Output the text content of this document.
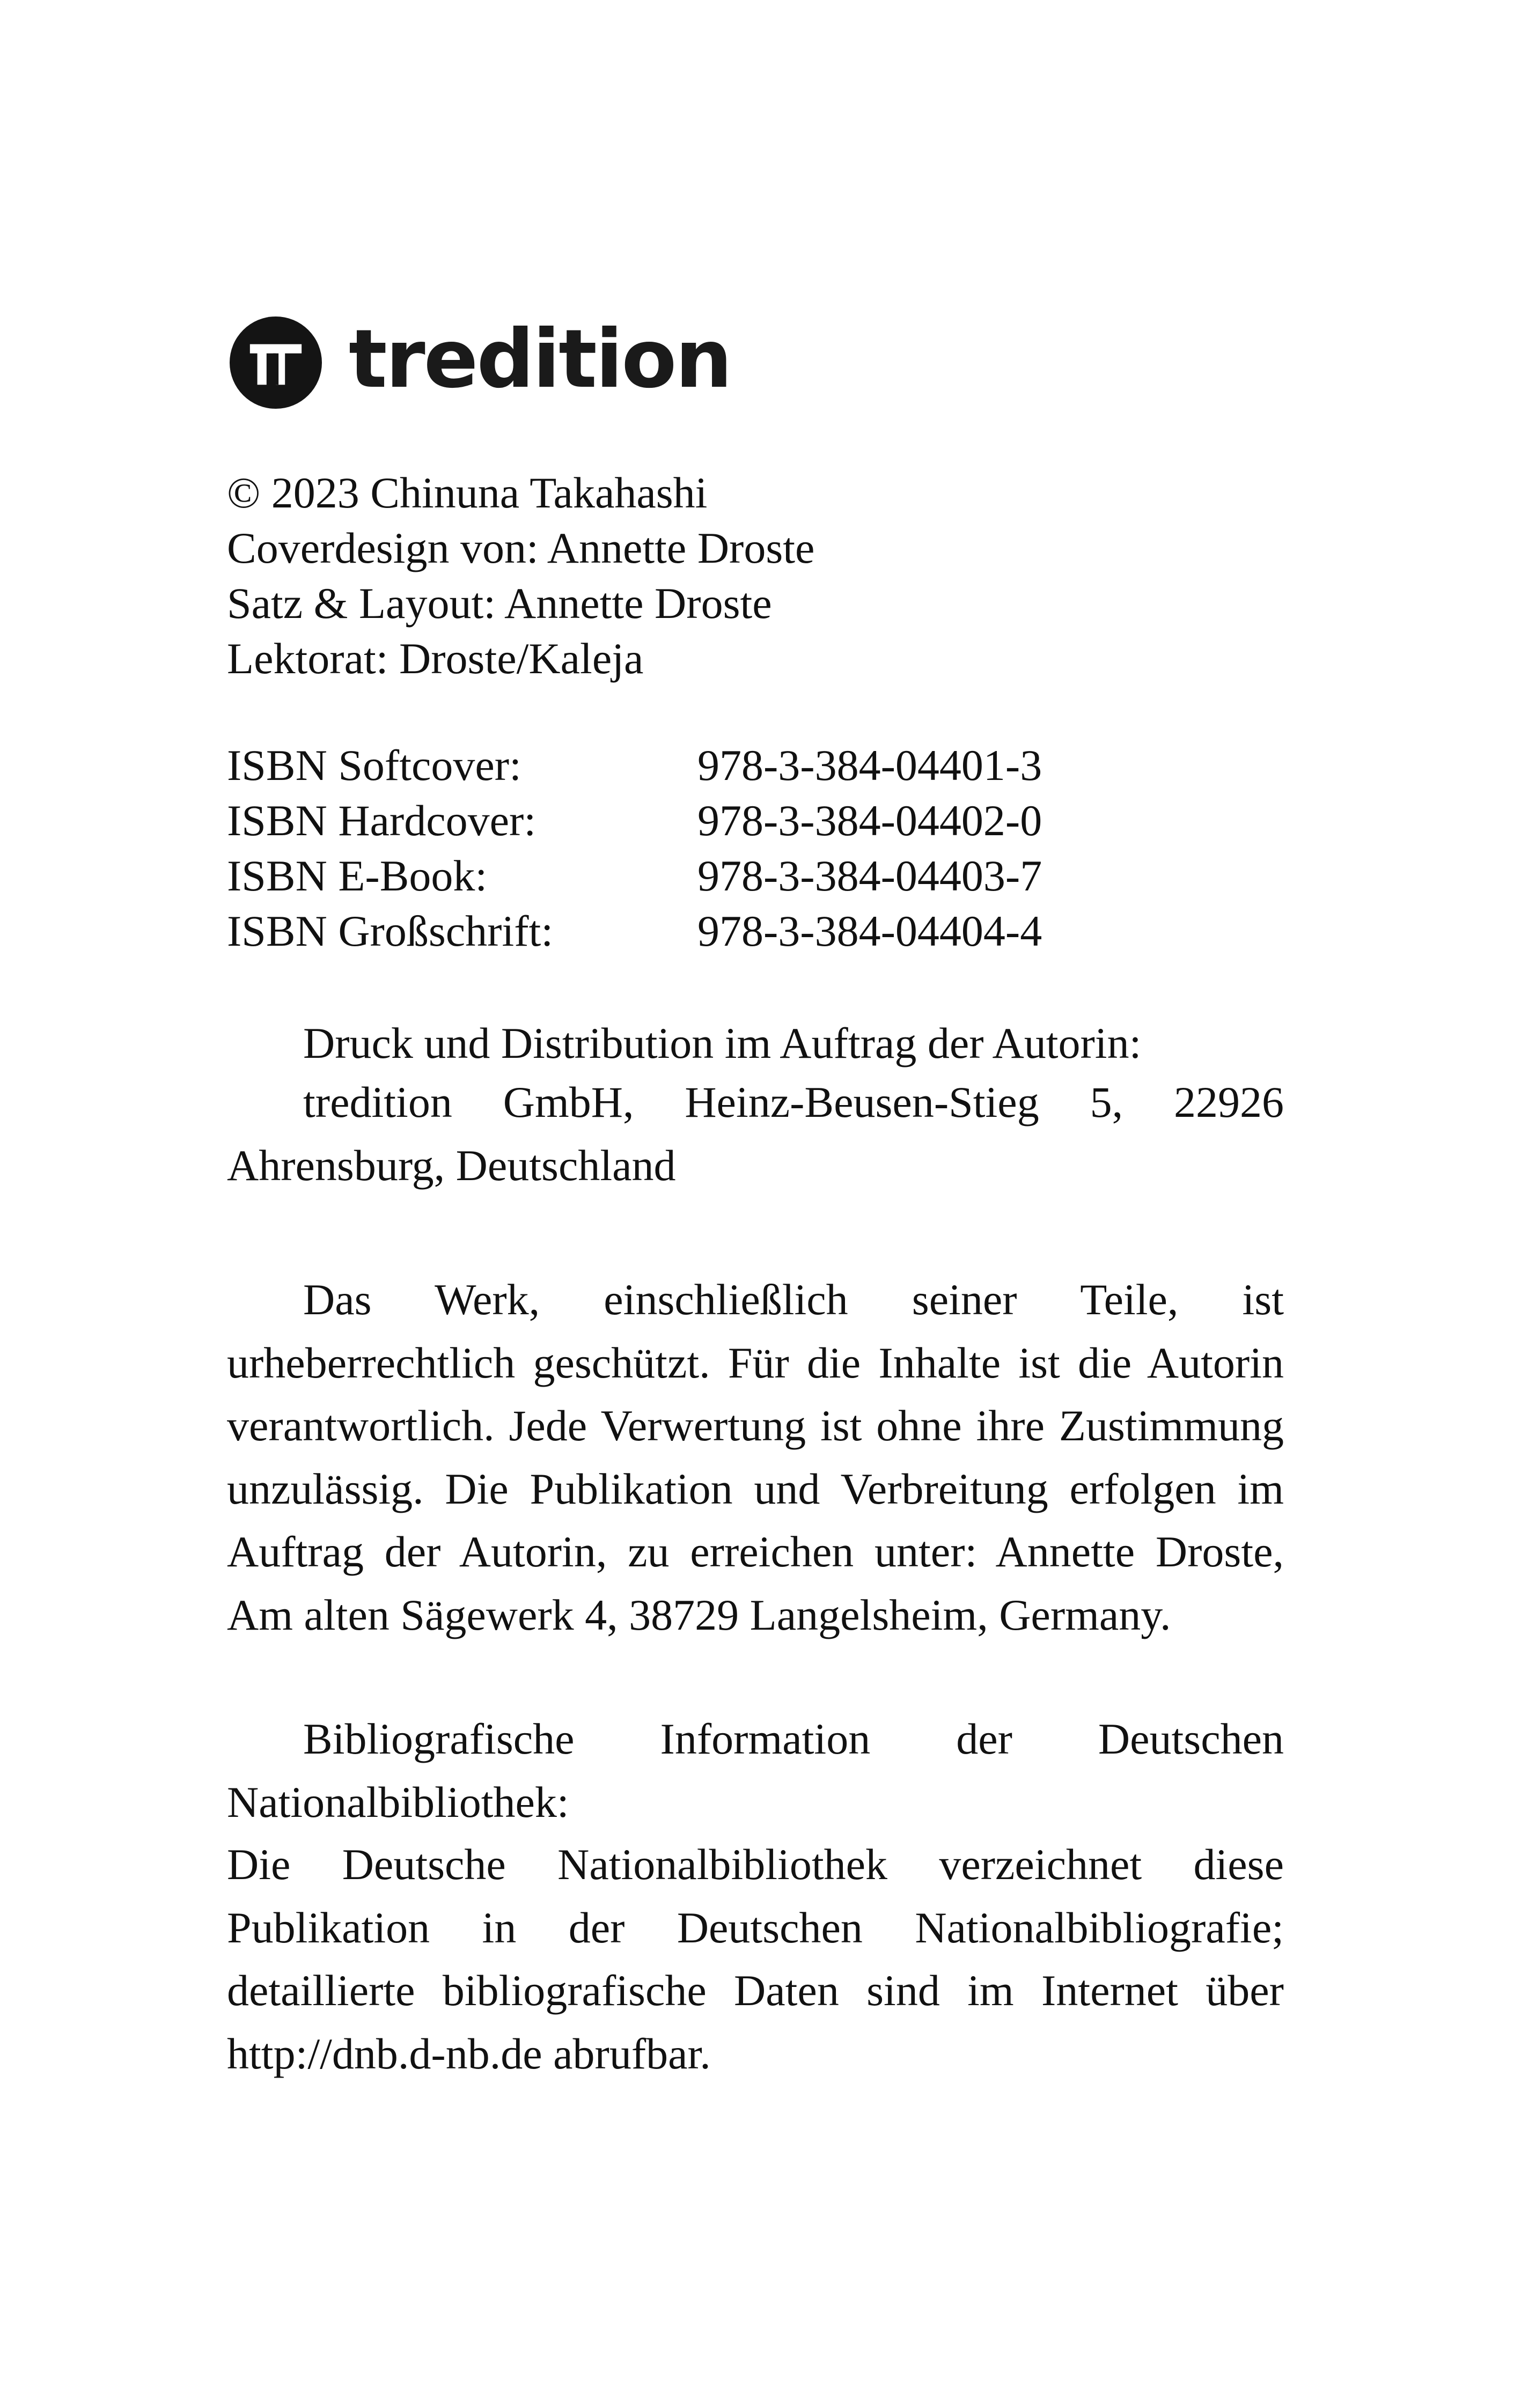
tredition
© 2023 Chinuna Takahashi
Coverdesign von: Annette Droste
Satz & Layout: Annette Droste
Lektorat: Droste/Kaleja
ISBN Softcover:	978-3-384-04401-3
ISBN Hardcover:	978-3-384-04402-0
ISBN E-Book:	978-3-384-04403-7
ISBN Großschrift:	978-3-384-04404-4
Druck und Distribution im Auftrag der Autorin:

tredition GmbH, Heinz-Beusen-Stieg 5, 22926 Ahrensburg, Deutschland

Das Werk, einschließlich seiner Teile, ist urheberrechtlich geschützt. Für die Inhalte ist die Autorin verantwortlich. Jede Verwertung ist ohne ihre Zustimmung unzulässig. Die Publikation und Verbreitung erfolgen im Auftrag der Autorin, zu erreichen unter: Annette Droste, Am alten Sägewerk 4, 38729 Langelsheim, Germany.

Bibliografische Information der Deutschen Nationalbibliothek:

Die Deutsche Nationalbibliothek verzeichnet diese Publikation in der Deutschen Nationalbibliografie; detaillierte bibliografische Daten sind im Internet über http://dnb.d-nb.de abrufbar.
